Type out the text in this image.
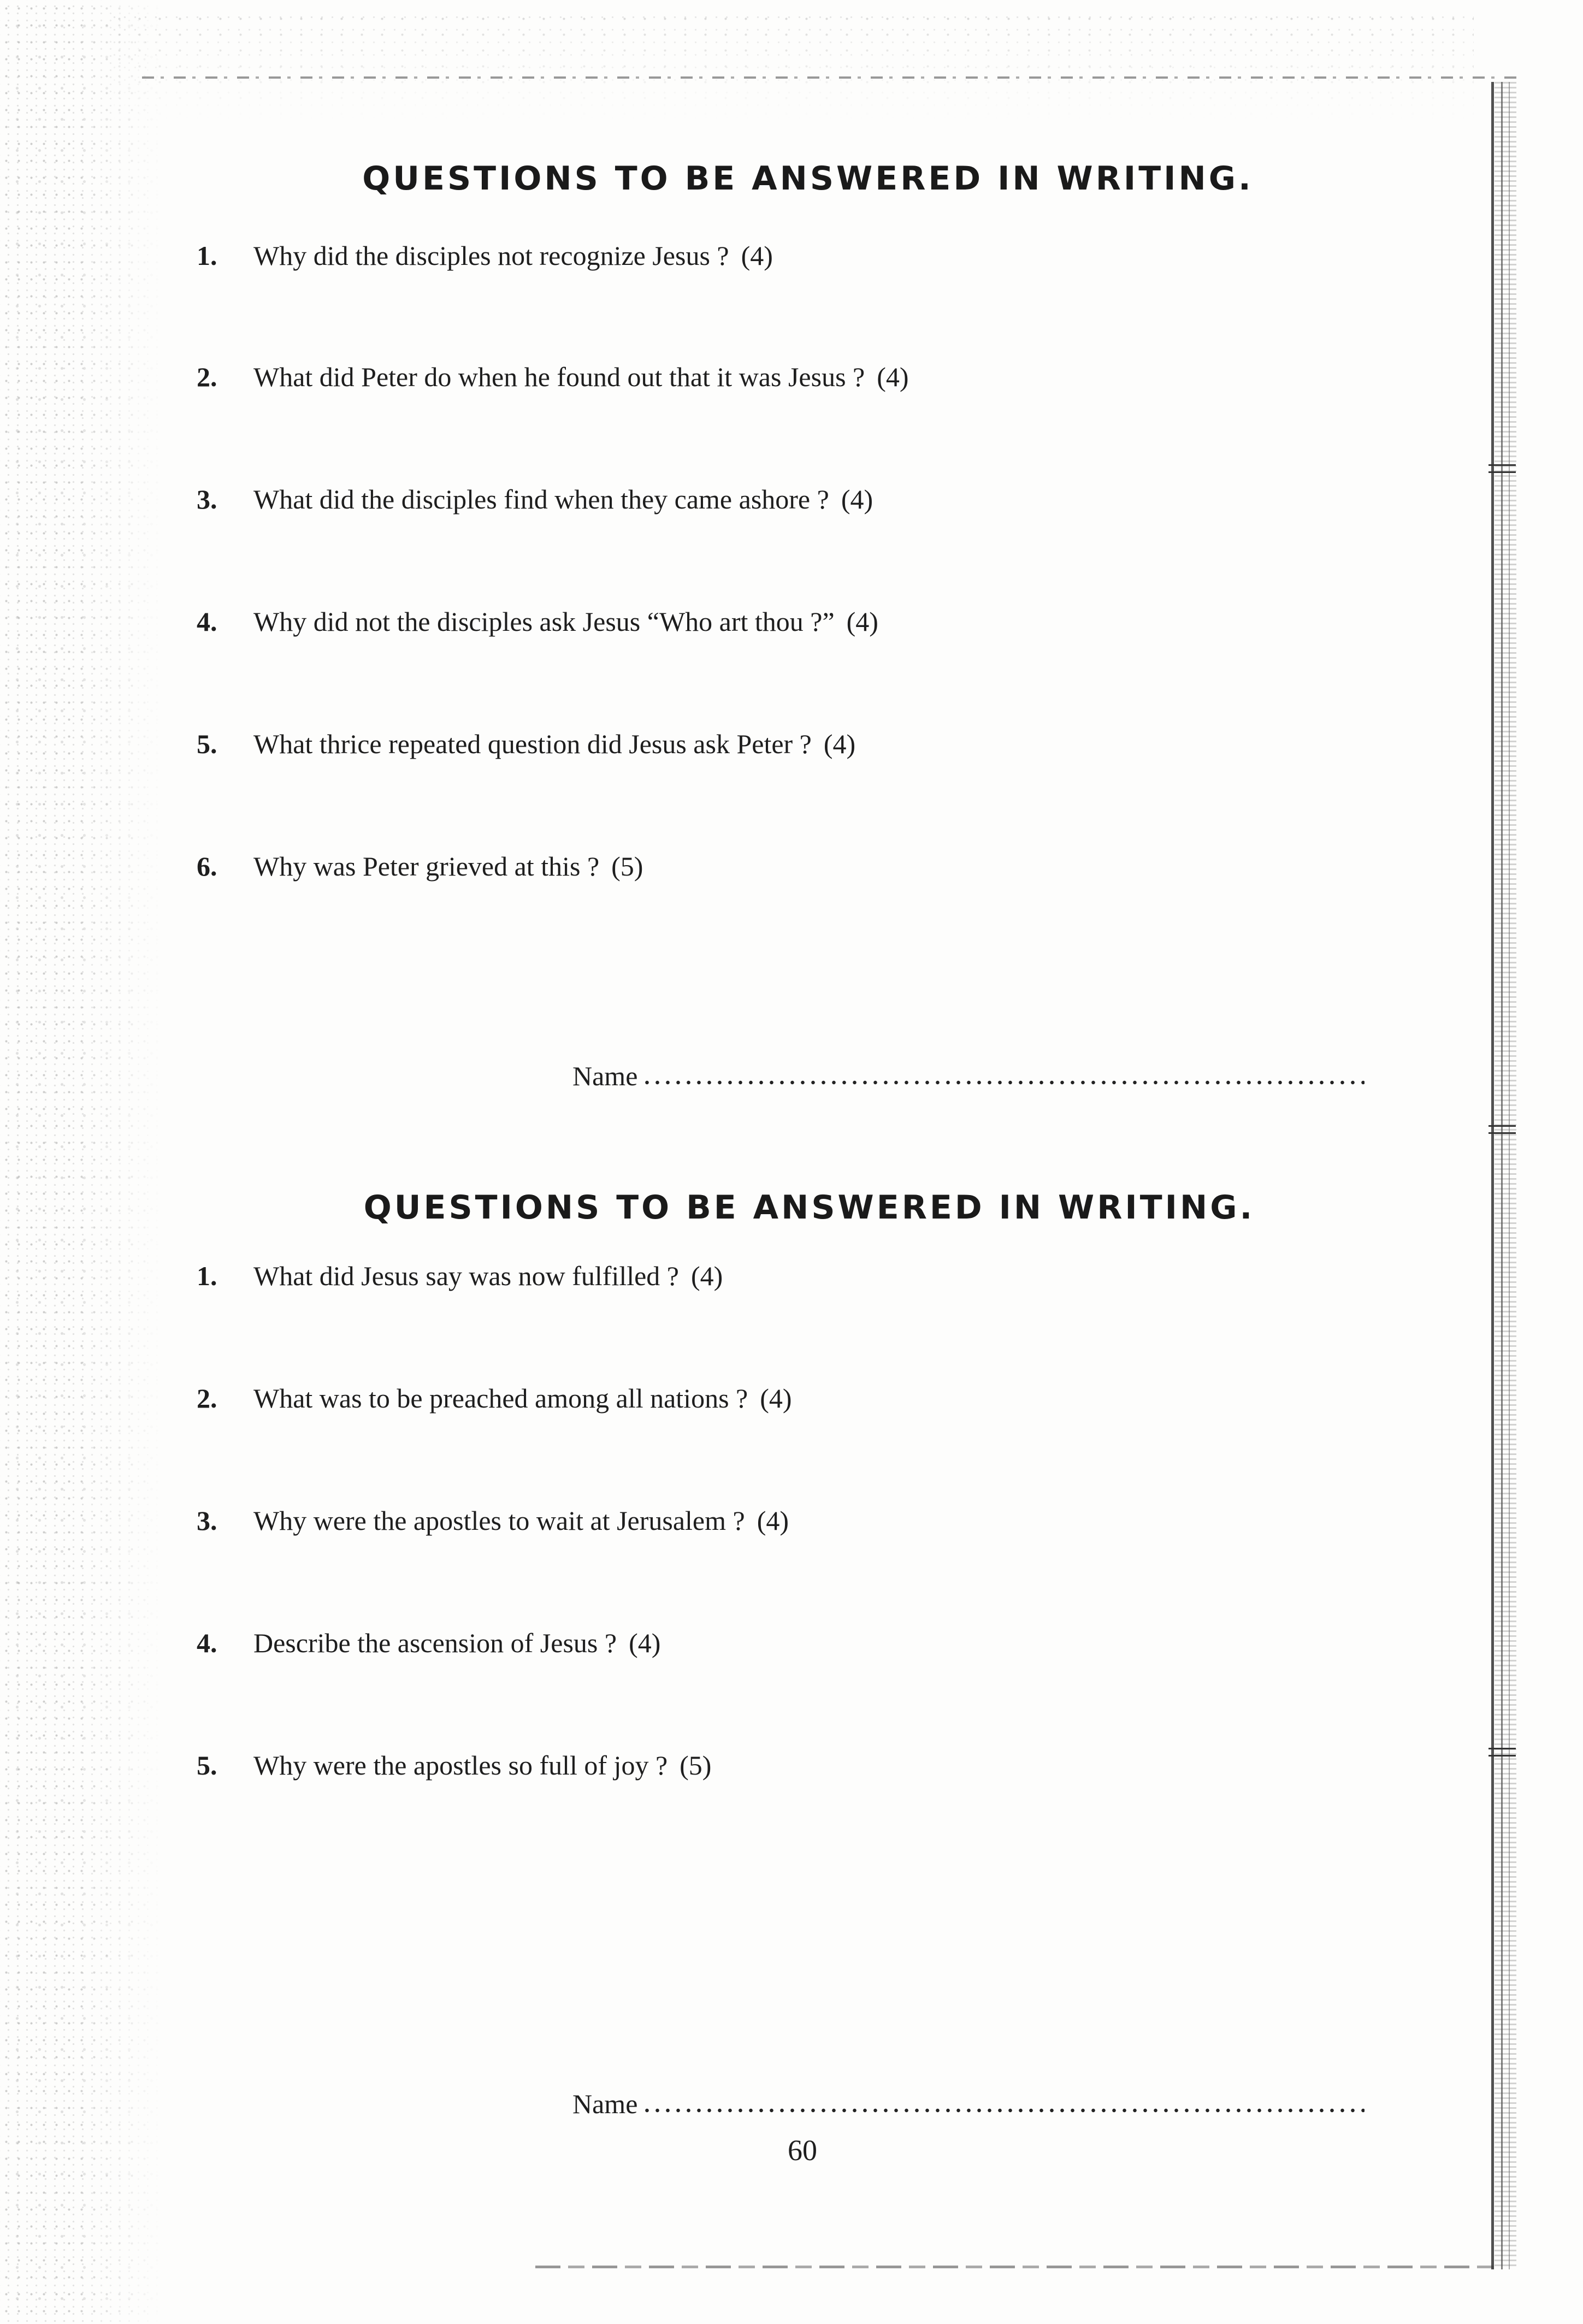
QUESTIONS TO BE ANSWERED IN WRITING.

1. Why did the disciples not recognize Jesus ? (4)

2. What did Peter do when he found out that it was Jesus ? (4)

3. What did the disciples find when they came ashore ? (4)

4. Why did not the disciples ask Jesus “Who art thou ?” (4)

5. What thrice repeated question did Jesus ask Peter ? (4)

6. Why was Peter grieved at this ? (5)

Name
QUESTIONS TO BE ANSWERED IN WRITING.

1. What did Jesus say was now fulfilled ? (4)

2. What was to be preached among all nations ? (4)

3. Why were the apostles to wait at Jerusalem ? (4)

4. Describe the ascension of Jesus ? (4)

5. Why were the apostles so full of joy ? (5)

Name

60
